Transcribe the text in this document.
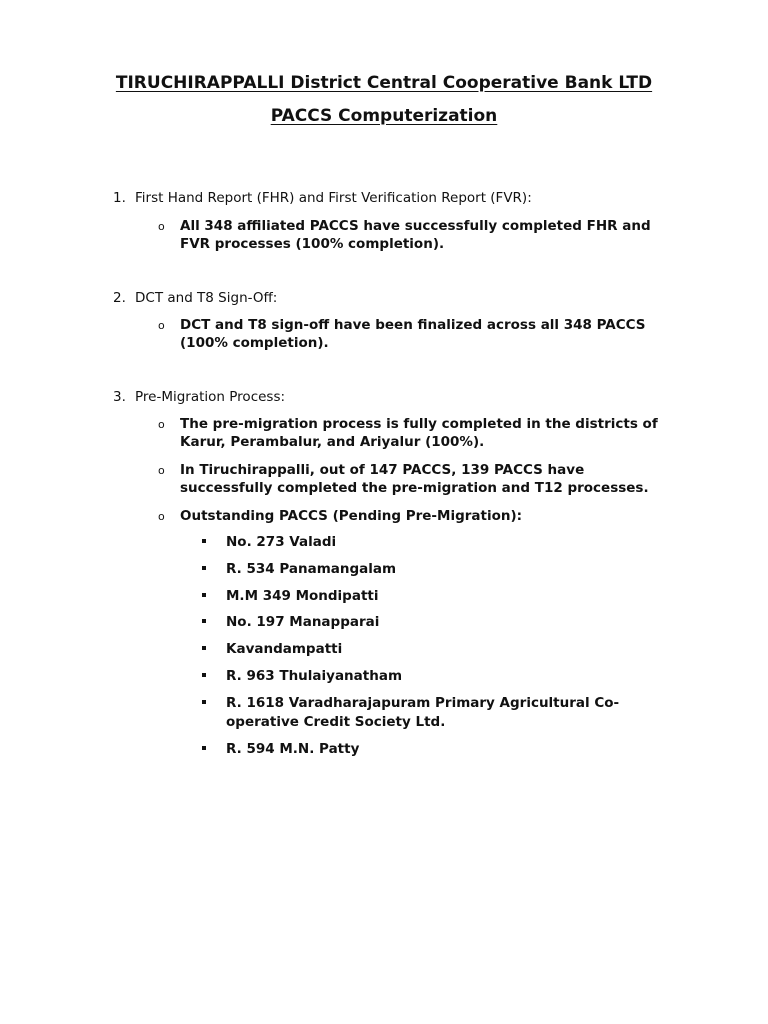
TIRUCHIRAPPALLI District Central Cooperative Bank LTD
PACCS Computerization
1. First Hand Report (FHR) and First Verification Report (FVR):
o All 348 affiliated PACCS have successfully completed FHR and
FVR processes (100% completion).
2. DCT and T8 Sign-Off:
o DCT and T8 sign-off have been finalized across all 348 PACCS
(100% completion).
3. Pre-Migration Process:
o The pre-migration process is fully completed in the districts of
Karur, Perambalur, and Ariyalur (100%).
o In Tiruchirappalli, out of 147 PACCS, 139 PACCS have
successfully completed the pre-migration and T12 processes.
o Outstanding PACCS (Pending Pre-Migration):
No. 273 Valadi
R. 534 Panamangalam
M.M 349 Mondipatti
No. 197 Manapparai
Kavandampatti
R. 963 Thulaiyanatham
R. 1618 Varadharajapuram Primary Agricultural Co-
operative Credit Society Ltd.
R. 594 M.N. Patty
